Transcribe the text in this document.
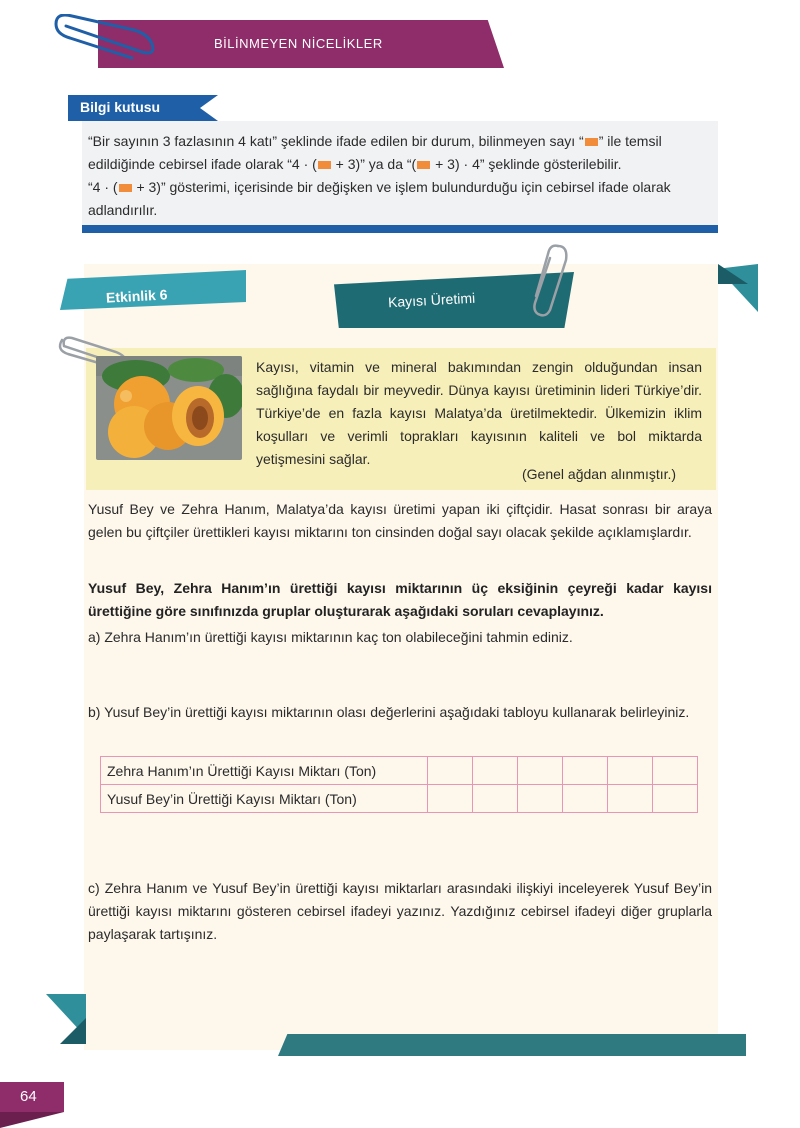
BİLİNMEYEN NİCELİKLER
Bilgi kutusu
“Bir sayının 3 fazlasının 4 katı” şeklinde ifade edilen bir durum, bilinmeyen sayı “ ” ile temsil
edildiğinde cebirsel ifade olarak “4 · ( + 3)” ya da “( + 3) · 4” şeklinde gösterilebilir.
“4 · ( + 3)” gösterimi, içerisinde bir değişken ve işlem bulundurduğu için cebirsel ifade olarak
adlandırılır.
Etkinlik 6	Kayısı Üretimi
Kayısı, vitamin ve mineral bakımından zengin olduğundan insan sağlığına faydalı bir meyvedir. Dünya kayısı üretiminin lideri Türkiye’dir. Türkiye’de en fazla kayısı Malatya’da üretilmektedir. Ülkemizin iklim koşulları ve verimli toprakları kayısının kaliteli ve bol miktarda yetişmesini sağlar.
(Genel ağdan alınmıştır.)
Yusuf Bey ve Zehra Hanım, Malatya’da kayısı üretimi yapan iki çiftçidir. Hasat sonrası bir araya gelen bu çiftçiler ürettikleri kayısı miktarını ton cinsinden doğal sayı olacak şekilde açıklamışlardır.
Yusuf Bey, Zehra Hanım’ın ürettiği kayısı miktarının üç eksiğinin çeyreği kadar kayısı ürettiğine göre sınıfınızda gruplar oluşturarak aşağıdaki soruları cevaplayınız.
a) Zehra Hanım’ın ürettiği kayısı miktarının kaç ton olabileceğini tahmin ediniz.
b) Yusuf Bey’in ürettiği kayısı miktarının olası değerlerini aşağıdaki tabloyu kullanarak belirleyiniz.
Zehra Hanım’ın Ürettiği Kayısı Miktarı (Ton)						
Yusuf Bey’in Ürettiği Kayısı Miktarı (Ton)						
c) Zehra Hanım ve Yusuf Bey’in ürettiği kayısı miktarları arasındaki ilişkiyi inceleyerek Yusuf Bey’in ürettiği kayısı miktarını gösteren cebirsel ifadeyi yazınız. Yazdığınız cebirsel ifadeyi diğer gruplarla paylaşarak tartışınız.
64
